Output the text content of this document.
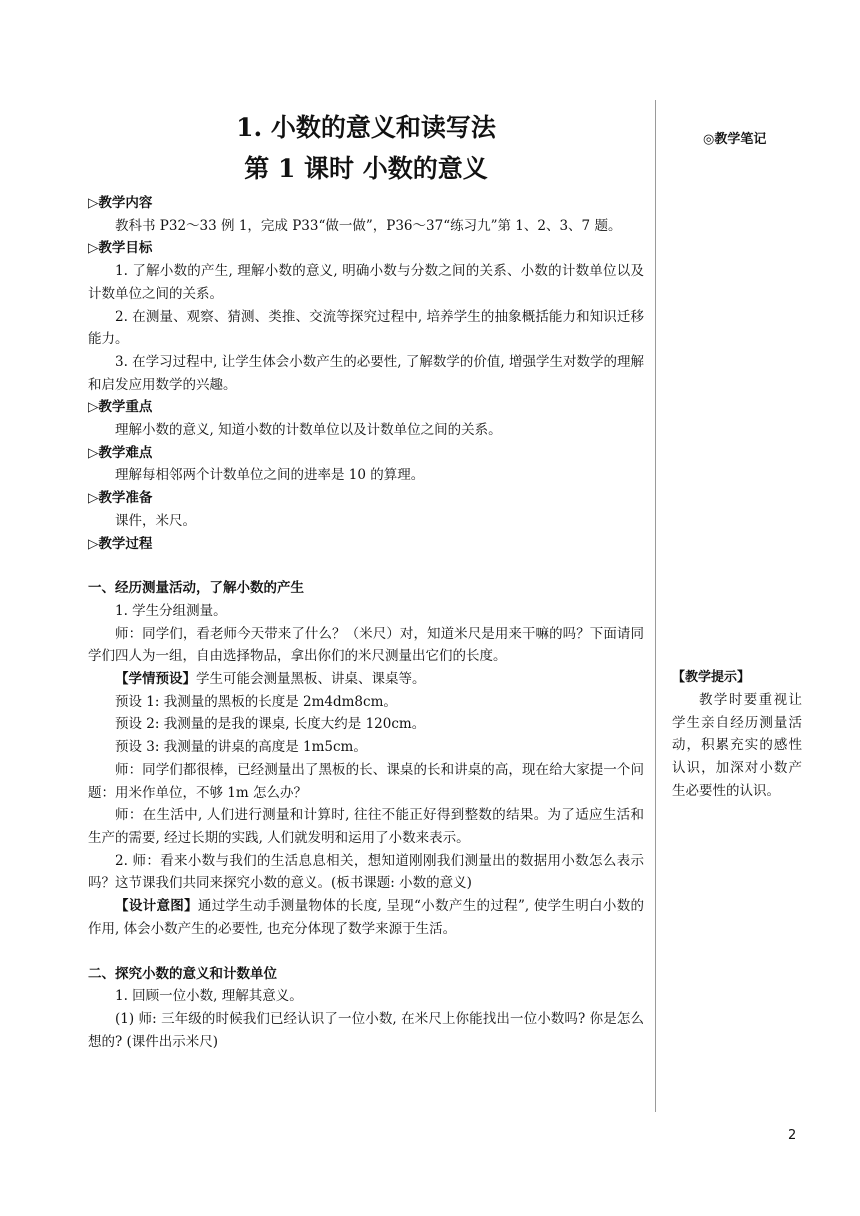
1. 小数的意义和读写法
第 1 课时 小数的意义

▷教学内容

教科书 P32～33 例 1，完成 P33“做一做”，P36～37“练习九”第 1、2、3、7 题。

▷教学目标

1. 了解小数的产生, 理解小数的意义, 明确小数与分数之间的关系、小数的计数单位以及计数单位之间的关系。

2. 在测量、观察、猜测、类推、交流等探究过程中, 培养学生的抽象概括能力和知识迁移能力。

3. 在学习过程中, 让学生体会小数产生的必要性, 了解数学的价值, 增强学生对数学的理解和启发应用数学的兴趣。

▷教学重点

理解小数的意义, 知道小数的计数单位以及计数单位之间的关系。

▷教学难点

理解每相邻两个计数单位之间的进率是 10 的算理。

▷教学准备

课件，米尺。

▷教学过程

一、经历测量活动，了解小数的产生

1. 学生分组测量。

师：同学们，看老师今天带来了什么？（米尺）对，知道米尺是用来干嘛的吗？下面请同学们四人为一组，自由选择物品，拿出你们的米尺测量出它们的长度。

【学情预设】学生可能会测量黑板、讲桌、课桌等。

预设 1: 我测量的黑板的长度是 2m4dm8cm。

预设 2: 我测量的是我的课桌, 长度大约是 120cm。

预设 3: 我测量的讲桌的高度是 1m5cm。

师：同学们都很棒，已经测量出了黑板的长、课桌的长和讲桌的高，现在给大家提一个问题：用米作单位，不够 1m 怎么办？

师：在生活中, 人们进行测量和计算时, 往往不能正好得到整数的结果。为了适应生活和生产的需要, 经过长期的实践, 人们就发明和运用了小数来表示。

2. 师：看来小数与我们的生活息息相关，想知道刚刚我们测量出的数据用小数怎么表示吗？这节课我们共同来探究小数的意义。(板书课题: 小数的意义)

【设计意图】通过学生动手测量物体的长度, 呈现“小数产生的过程”, 使学生明白小数的作用, 体会小数产生的必要性, 也充分体现了数学来源于生活。

二、探究小数的意义和计数单位

1. 回顾一位小数, 理解其意义。

(1) 师: 三年级的时候我们已经认识了一位小数, 在米尺上你能找出一位小数吗? 你是怎么想的? (课件出示米尺)

◎教学笔记

【教学提示】

教学时要重视让学生亲自经历测量活动，积累充实的感性认识，加深对小数产生必要性的认识。

2
